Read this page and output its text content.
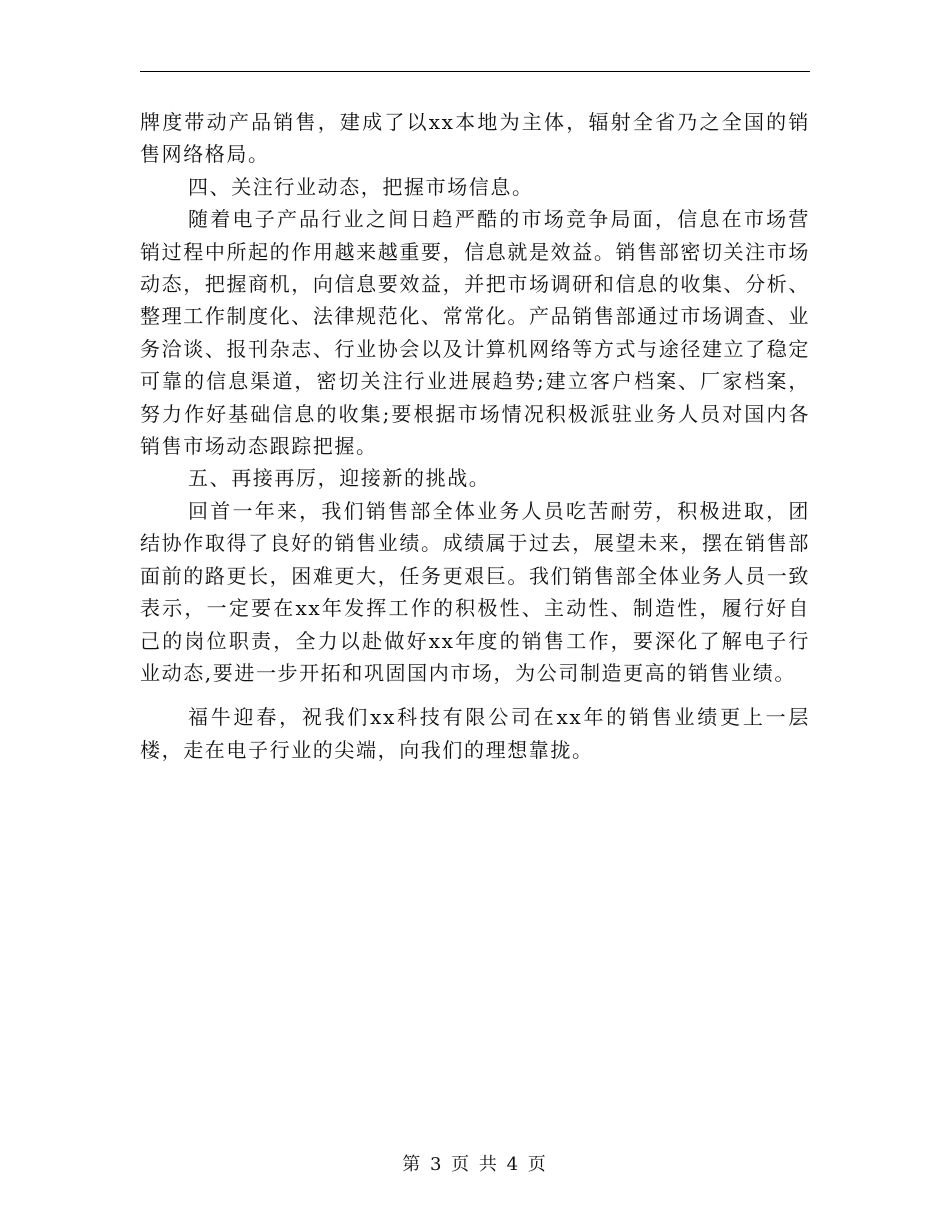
牌度带动产品销售，建成了以xx本地为主体，辐射全省乃之全国的销售网络格局。

四、关注行业动态，把握市场信息。

随着电子产品行业之间日趋严酷的市场竞争局面，信息在市场营销过程中所起的作用越来越重要，信息就是效益。销售部密切关注市场动态，把握商机，向信息要效益，并把市场调研和信息的收集、分析、整理工作制度化、法律规范化、常常化。产品销售部通过市场调查、业务洽谈、报刊杂志、行业协会以及计算机网络等方式与途径建立了稳定可靠的信息渠道，密切关注行业进展趋势;建立客户档案、厂家档案，努力作好基础信息的收集;要根据市场情况积极派驻业务人员对国内各销售市场动态跟踪把握。

五、再接再厉，迎接新的挑战。

回首一年来，我们销售部全体业务人员吃苦耐劳，积极进取，团结协作取得了良好的销售业绩。成绩属于过去，展望未来，摆在销售部面前的路更长，困难更大，任务更艰巨。我们销售部全体业务人员一致表示，一定要在xx年发挥工作的积极性、主动性、制造性，履行好自己的岗位职责，全力以赴做好xx年度的销售工作，要深化了解电子行业动态,要进一步开拓和巩固国内市场，为公司制造更高的销售业绩。

福牛迎春，祝我们xx科技有限公司在xx年的销售业绩更上一层楼，走在电子行业的尖端，向我们的理想靠拢。

第 3 页 共 4 页
